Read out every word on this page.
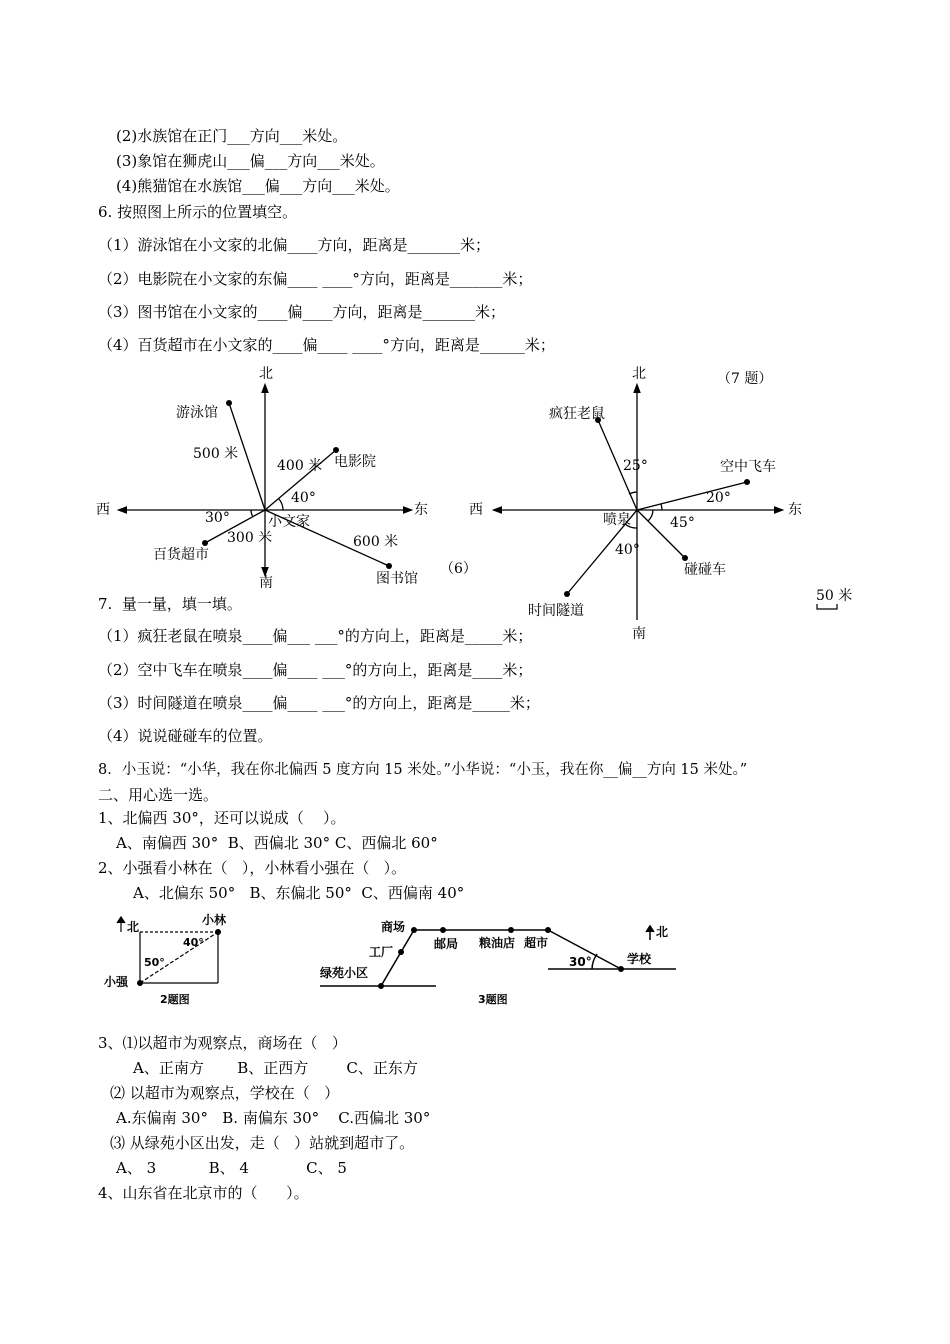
(2)水族馆在正门___方向___米处。
(3)象馆在狮虎山___偏___方向___米处。
(4)熊猫馆在水族馆___偏___方向___米处。
6. 按照图上所示的位置填空。
（1）游泳馆在小文家的北偏____方向，距离是_______米；
（2）电影院在小文家的东偏____ ____°方向，距离是_______米；
（3）图书馆在小文家的____偏____方向，距离是_______米；
（4）百货超市在小文家的____偏____ ____°方向，距离是______米；
7.  量一量，填一填。
（1）疯狂老鼠在喷泉____偏___ ___°的方向上，距离是_____米；
（2）空中飞车在喷泉____偏____ ___°的方向上，距离是____米；
（3）时间隧道在喷泉____偏____ ___°的方向上，距离是_____米；
（4）说说碰碰车的位置。
8．小玉说：“小华，我在你北偏西 5 度方向 15 米处。”小华说：“小玉，我在你__偏__方向 15 米处。”
二、用心选一选。
1、北偏西 30°，还可以说成（    ）。
A、南偏西 30°  B、西偏北 30° C、西偏北 60°
2、小强看小林在（   ），小林看小强在（   ）。
A、北偏东 50°   B、东偏北 50°  C、西偏南 40°
3、⑴以超市为观察点，商场在（   ）
A、正南方       B、正西方        C、正东方
⑵ 以超市为观察点，学校在（   ）
A.东偏南 30°   B. 南偏东 30°    C.西偏北 30°
⑶ 从绿苑小区出发，走（   ）站就到超市了。
A、 3           B、 4            C、 5
4、山东省在北京市的（      ）。
北
南
西	东
小文家
游泳馆
500 米	电影院
400 米
40°
图书馆
600 米
百货超市
300 米
30°
（6）
北
南
西	东
喷泉
疯狂老鼠
25°	空中飞车
20°
碰碰车
45°
时间隧道
40°
（7 题）
50 米
北	小林
小强
40°
50°
2题图
商场
工厂
邮局 粮油店 超市
学校
绿苑小区
30°
北
3题图
